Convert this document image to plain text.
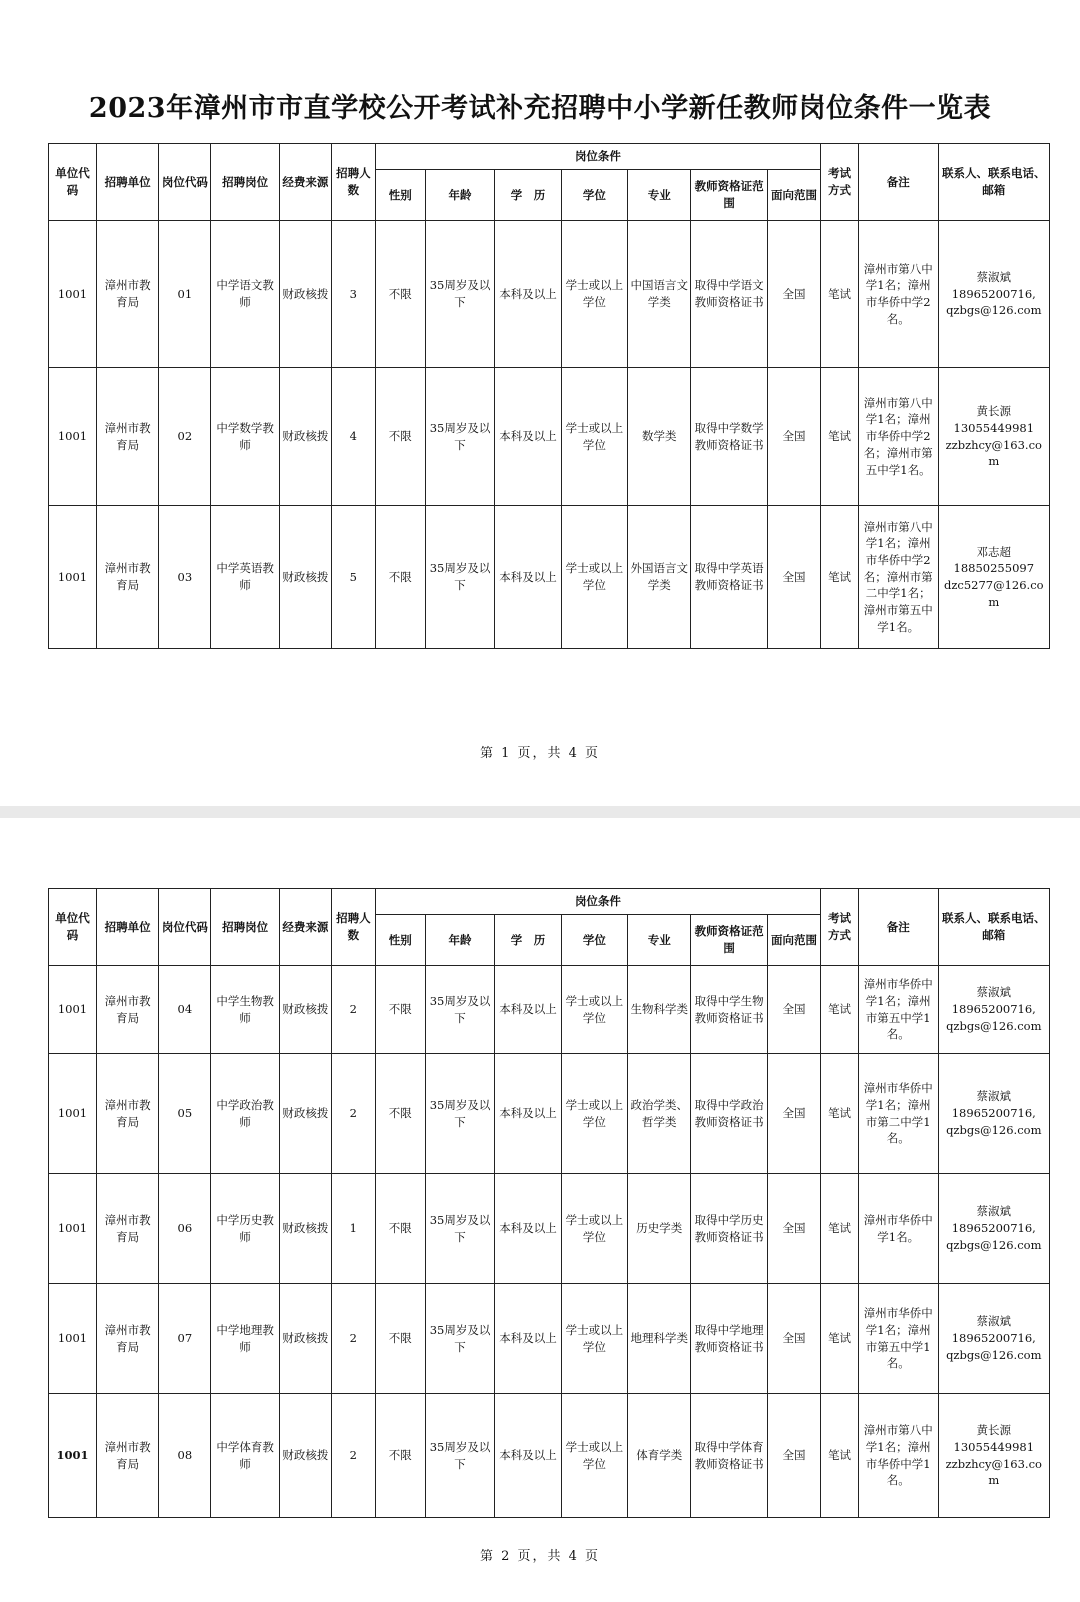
2023年漳州市市直学校公开考试补充招聘中小学新任教师岗位条件一览表
单位代码	招聘单位	岗位代码	招聘岗位	经费来源	招聘人数	岗位条件							考试方式	备注	联系人、联系电话、邮箱
						性别	年龄	学　历	学位	专业	教师资格证范围	面向范围			
1001	漳州市教育局	01	中学语文教师	财政核拨	3	不限	35周岁及以下	本科及以上	学士或以上学位	中国语言文学类	取得中学语文教师资格证书	全国	笔试	漳州市第八中学1名；漳州市华侨中学2名。	蔡淑斌
18965200716,
qzbgs@126.com

1001	漳州市教育局	02	中学数学教师	财政核拨	4	不限	35周岁及以下	本科及以上	学士或以上学位	数学类	取得中学数学教师资格证书	全国	笔试	漳州市第八中学1名；漳州市华侨中学2名；漳州市第五中学1名。	黄长源
13055449981
zzbzhcy@163.com

1001	漳州市教育局	03	中学英语教师	财政核拨	5	不限	35周岁及以下	本科及以上	学士或以上学位	外国语言文学类	取得中学英语教师资格证书	全国	笔试	漳州市第八中学1名；漳州市华侨中学2名；漳州市第二中学1名；漳州市第五中学1名。	邓志超
18850255097
dzc5277@126.com
第 1 页，共 4 页
单位代码	招聘单位	岗位代码	招聘岗位	经费来源	招聘人数	岗位条件							考试方式	备注	联系人、联系电话、邮箱
						性别	年龄	学　历	学位	专业	教师资格证范围	面向范围			
1001	漳州市教育局	04	中学生物教师	财政核拨	2	不限	35周岁及以下	本科及以上	学士或以上学位	生物科学类	取得中学生物教师资格证书	全国	笔试	漳州市华侨中学1名；漳州市第五中学1名。	蔡淑斌
18965200716,
qzbgs@126.com

1001	漳州市教育局	05	中学政治教师	财政核拨	2	不限	35周岁及以下	本科及以上	学士或以上学位	政治学类、哲学类	取得中学政治教师资格证书	全国	笔试	漳州市华侨中学1名；漳州市第二中学1名。	蔡淑斌
18965200716,
qzbgs@126.com

1001	漳州市教育局	06	中学历史教师	财政核拨	1	不限	35周岁及以下	本科及以上	学士或以上学位	历史学类	取得中学历史教师资格证书	全国	笔试	漳州市华侨中学1名。	蔡淑斌
18965200716,
qzbgs@126.com

1001	漳州市教育局	07	中学地理教师	财政核拨	2	不限	35周岁及以下	本科及以上	学士或以上学位	地理科学类	取得中学地理教师资格证书	全国	笔试	漳州市华侨中学1名；漳州市第五中学1名。	蔡淑斌
18965200716,
qzbgs@126.com

1001	漳州市教育局	08	中学体育教师	财政核拨	2	不限	35周岁及以下	本科及以上	学士或以上学位	体育学类	取得中学体育教师资格证书	全国	笔试	漳州市第八中学1名；漳州市华侨中学1名。	黄长源
13055449981
zzbzhcy@163.com
第 2 页，共 4 页
